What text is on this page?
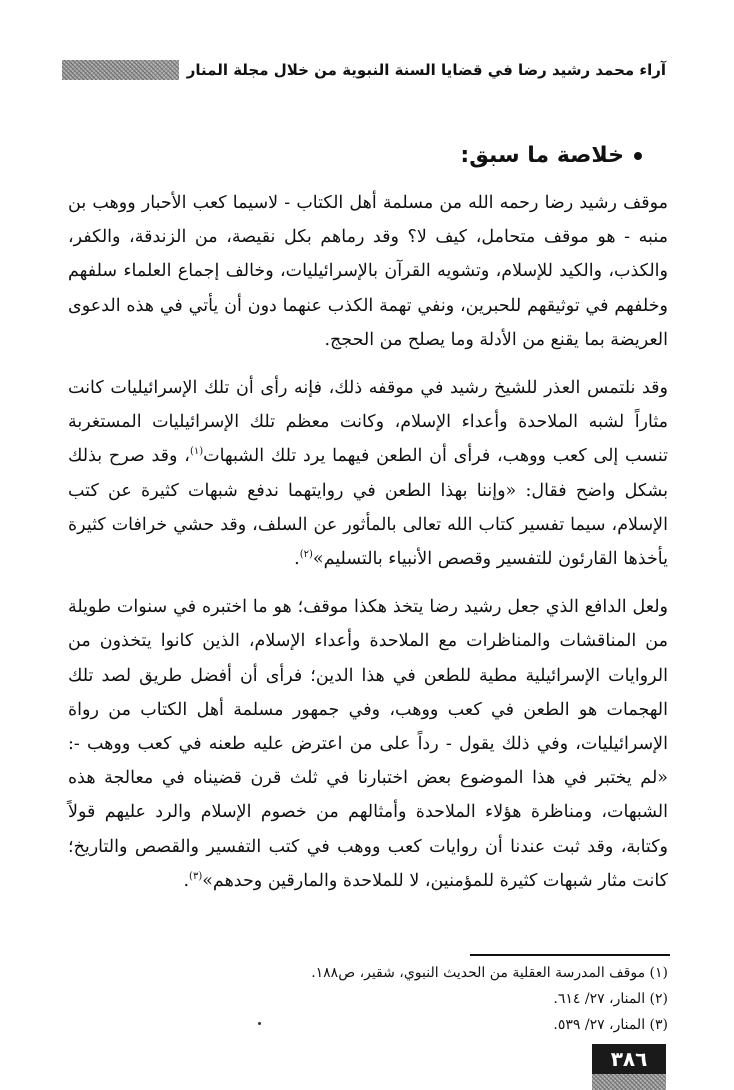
آراء محمد رشيد رضا في قضايا السنة النبوية من خلال مجلة المنار
خلاصة ما سبق:

موقف رشيد رضا رحمه الله من مسلمة أهل الكتاب - لاسيما كعب الأحبار ووهب بن منبه - هو موقف متحامل، كيف لا؟ وقد رماهم بكل نقيصة، من الزندقة، والكفر، والكذب، والكيد للإسلام، وتشويه القرآن بالإسرائيليات، وخالف إجماع العلماء سلفهم وخلفهم في توثيقهم للحبرين، ونفي تهمة الكذب عنهما دون أن يأتي في هذه الدعوى العريضة بما يقنع من الأدلة وما يصلح من الحجج.

وقد نلتمس العذر للشيخ رشيد في موقفه ذلك، فإنه رأى أن تلك الإسرائيليات كانت مثاراً لشبه الملاحدة وأعداء الإسلام، وكانت معظم تلك الإسرائيليات المستغربة تنسب إلى كعب ووهب، فرأى أن الطعن فيهما يرد تلك الشبهات$^{(١)}$، وقد صرح بذلك بشكل واضح فقال: «وإننا بهذا الطعن في روايتهما ندفع شبهات كثيرة عن كتب الإسلام، سيما تفسير كتاب الله تعالى بالمأثور عن السلف، وقد حشي خرافات كثيرة يأخذها القارئون للتفسير وقصص الأنبياء بالتسليم»$^{(٢)}$.

ولعل الدافع الذي جعل رشيد رضا يتخذ هكذا موقف؛ هو ما اختبره في سنوات طويلة من المناقشات والمناظرات مع الملاحدة وأعداء الإسلام، الذين كانوا يتخذون من الروايات الإسرائيلية مطية للطعن في هذا الدين؛ فرأى أن أفضل طريق لصد تلك الهجمات هو الطعن في كعب ووهب، وفي جمهور مسلمة أهل الكتاب من رواة الإسرائيليات، وفي ذلك يقول - رداً على من اعترض عليه طعنه في كعب ووهب -: «لم يختبر في هذا الموضوع بعض اختبارنا في ثلث قرن قضيناه في معالجة هذه الشبهات، ومناظرة هؤلاء الملاحدة وأمثالهم من خصوم الإسلام والرد عليهم قولاً وكتابة، وقد ثبت عندنا أن روايات كعب ووهب في كتب التفسير والقصص والتاريخ؛ كانت مثار شبهات كثيرة للمؤمنين، لا للملاحدة والمارقين وحدهم»$^{(٣)}$.

(١) موقف المدرسة العقلية من الحديث النبوي، شقير، ص١٨٨.

(٢) المنار، ٢٧/ ٦١٤.

(٣) المنار، ٢٧/ ٥٣٩.

٣٨٦
